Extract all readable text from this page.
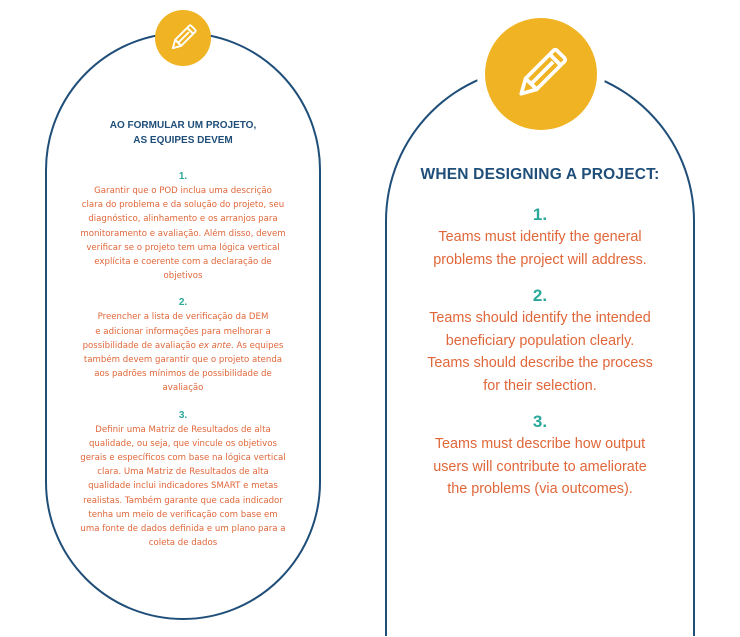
AO FORMULAR UM PROJETO,
AS EQUIPES DEVEM

1.

Garantir que o POD inclua uma descrição
clara do problema e da solução do projeto, seu
diagnóstico, alinhamento e os arranjos para
monitoramento e avaliação. Além disso, devem
verificar se o projeto tem uma lógica vertical
explícita e coerente com a declaração de
objetivos

2.

Preencher a lista de verificação da DEM
e adicionar informações para melhorar a
possibilidade de avaliação ex ante. As equipes
também devem garantir que o projeto atenda
aos padrões mínimos de possibilidade de
avaliação

3.

Definir uma Matriz de Resultados de alta
qualidade, ou seja, que vincule os objetivos
gerais e específicos com base na lógica vertical
clara. Uma Matriz de Resultados de alta
qualidade inclui indicadores SMART e metas
realistas. Também garante que cada indicador
tenha um meio de verificação com base em
uma fonte de dados definida e um plano para a
coleta de dados

WHEN DESIGNING A PROJECT:

1.

Teams must identify the general
problems the project will address.

2.

Teams should identify the intended
beneficiary population clearly.
Teams should describe the process
for their selection.

3.

Teams must describe how output
users will contribute to ameliorate
the problems (via outcomes).
